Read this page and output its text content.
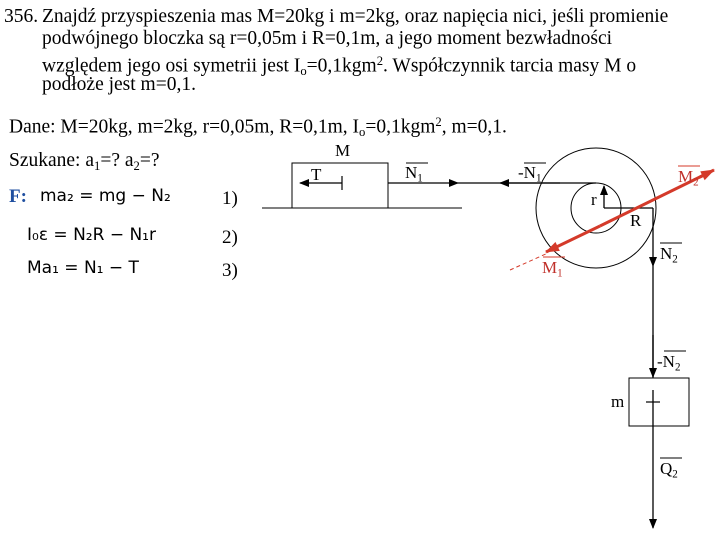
356. Znajdź przyspieszenia mas M=20kg i m=2kg, oraz napięcia nici, jeśli promienie
podwójnego bloczka są r=0,05m i R=0,1m, a jego moment bezwładności
względem jego osi symetrii jest $I_o=0,1kgm^2$. Współczynnik tarcia masy M o
podłoże jest m=0,1.
Dane: M=20kg, m=2kg, r=0,05m, R=0,1m, $I_o=0,1kgm^2$, m=0,1.
Szukane: $a_1=$? $a_2=$?
F: ma₂ = mg − N₂	1)
I₀ε = N₂R − N₁r	2)
Ma₁ = N₁ − T	3)
M
T	$N_1$	$-N_1$	$M_2$
r
R
$M_1$
$N_2$
$-N_2$
m
$Q_2$
